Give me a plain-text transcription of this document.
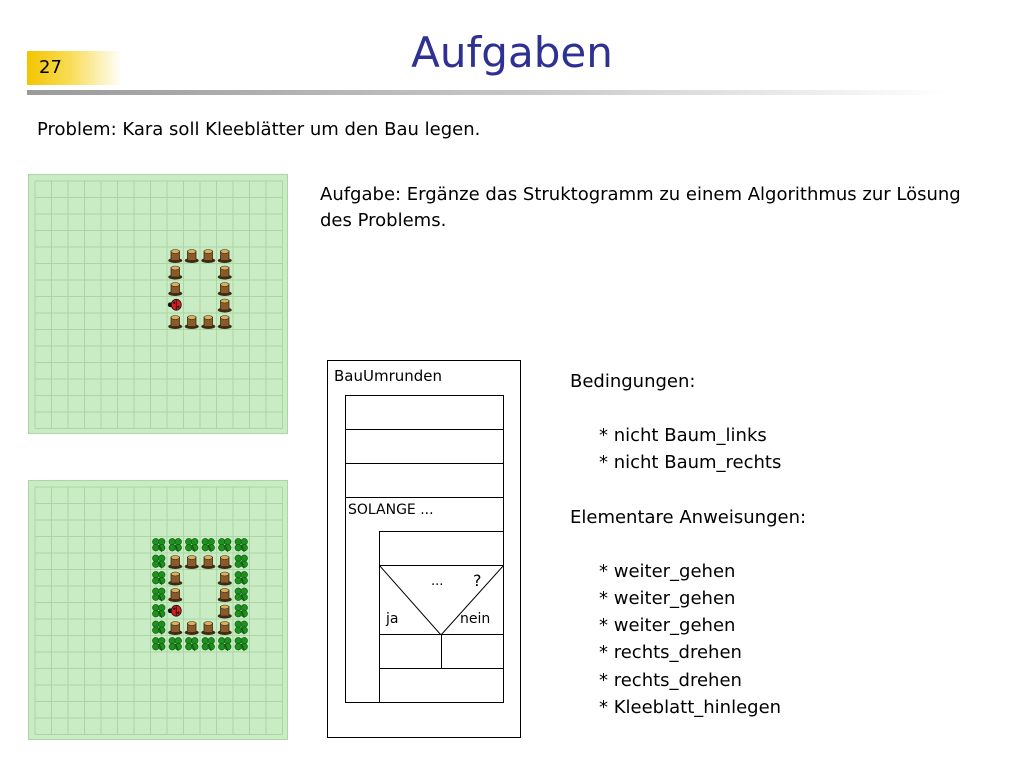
27	Aufgaben
Problem: Kara soll Kleeblätter um den Bau legen.
Aufgabe: Ergänze das Struktogramm zu einem Algorithmus zur Lösung des Problems.
BauUmrunden
SOLANGE ...
... ?
ja	nein
Bedingungen:
* nicht Baum_links
* nicht Baum_rechts
Elementare Anweisungen:
* weiter_gehen
* weiter_gehen
* weiter_gehen
* rechts_drehen
* rechts_drehen
* Kleeblatt_hinlegen
